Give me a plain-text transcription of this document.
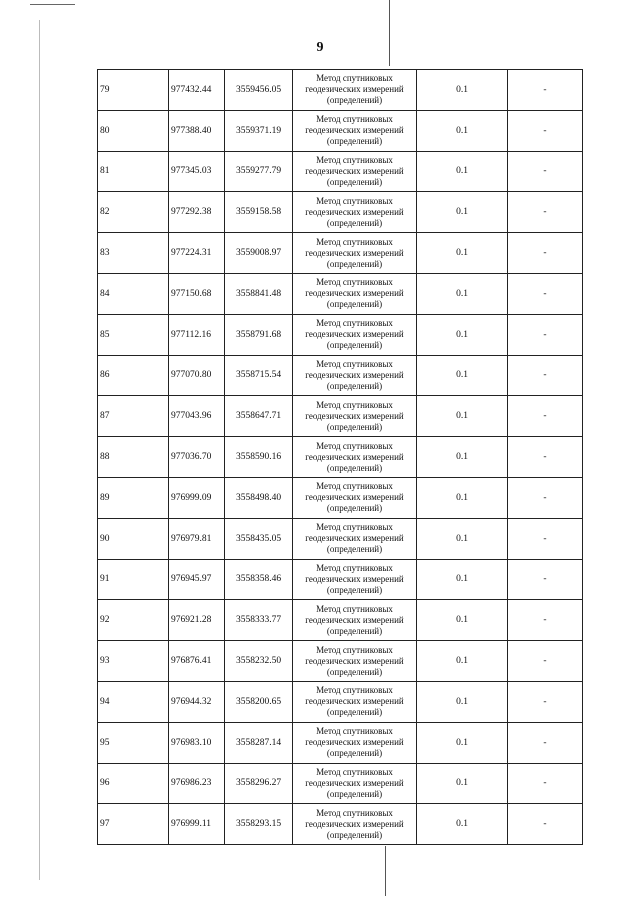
9
79	977432.44	3559456.05	Метод спутниковых
геодезических измерений
(определений)	0.1	-
80	977388.40	3559371.19	Метод спутниковых
геодезических измерений
(определений)	0.1	-
81	977345.03	3559277.79	Метод спутниковых
геодезических измерений
(определений)	0.1	-
82	977292.38	3559158.58	Метод спутниковых
геодезических измерений
(определений)	0.1	-
83	977224.31	3559008.97	Метод спутниковых
геодезических измерений
(определений)	0.1	-
84	977150.68	3558841.48	Метод спутниковых
геодезических измерений
(определений)	0.1	-
85	977112.16	3558791.68	Метод спутниковых
геодезических измерений
(определений)	0.1	-
86	977070.80	3558715.54	Метод спутниковых
геодезических измерений
(определений)	0.1	-
87	977043.96	3558647.71	Метод спутниковых
геодезических измерений
(определений)	0.1	-
88	977036.70	3558590.16	Метод спутниковых
геодезических измерений
(определений)	0.1	-
89	976999.09	3558498.40	Метод спутниковых
геодезических измерений
(определений)	0.1	-
90	976979.81	3558435.05	Метод спутниковых
геодезических измерений
(определений)	0.1	-
91	976945.97	3558358.46	Метод спутниковых
геодезических измерений
(определений)	0.1	-
92	976921.28	3558333.77	Метод спутниковых
геодезических измерений
(определений)	0.1	-
93	976876.41	3558232.50	Метод спутниковых
геодезических измерений
(определений)	0.1	-
94	976944.32	3558200.65	Метод спутниковых
геодезических измерений
(определений)	0.1	-
95	976983.10	3558287.14	Метод спутниковых
геодезических измерений
(определений)	0.1	-
96	976986.23	3558296.27	Метод спутниковых
геодезических измерений
(определений)	0.1	-
97	976999.11	3558293.15	Метод спутниковых
геодезических измерений
(определений)	0.1	-
